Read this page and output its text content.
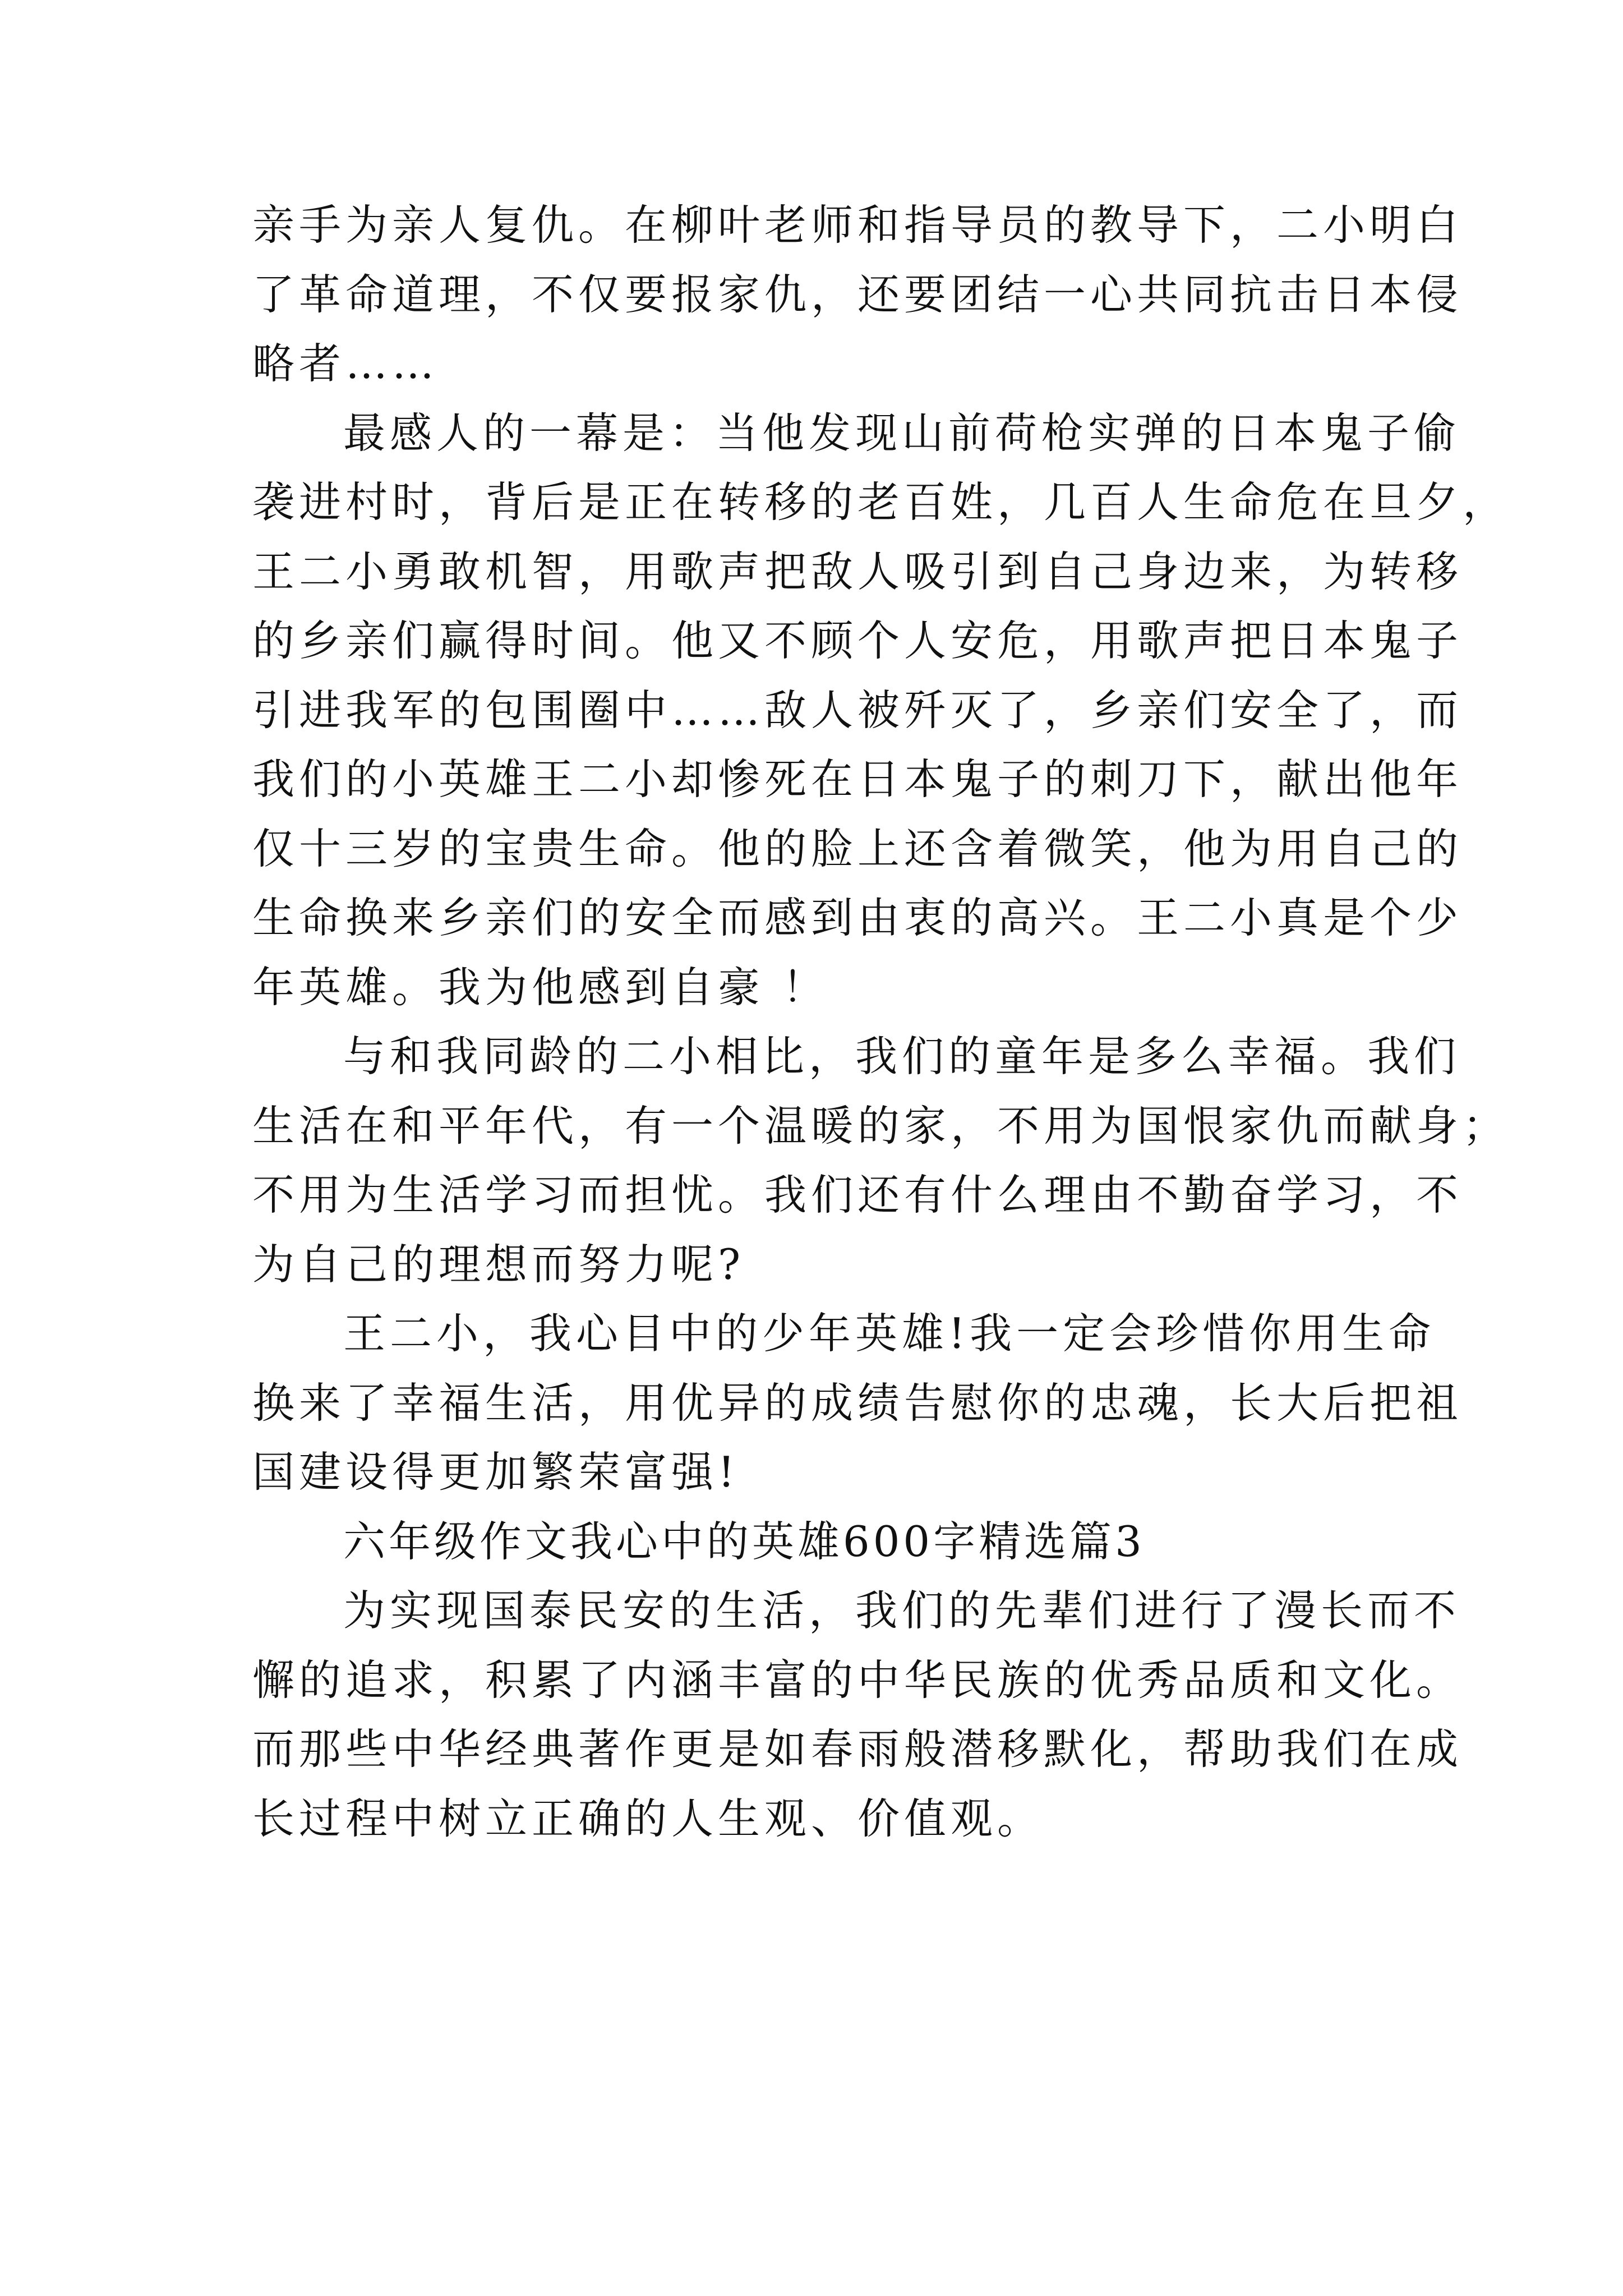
亲手为亲人复仇。在柳叶老师和指导员的教导下，二小明白
了革命道理，不仅要报家仇，还要团结一心共同抗击日本侵
略者……
最感人的一幕是：当他发现山前荷枪实弹的日本鬼子偷
袭进村时，背后是正在转移的老百姓，几百人生命危在旦夕，
王二小勇敢机智，用歌声把敌人吸引到自己身边来，为转移
的乡亲们赢得时间。他又不顾个人安危，用歌声把日本鬼子
引进我军的包围圈中……敌人被歼灭了，乡亲们安全了，而
我们的小英雄王二小却惨死在日本鬼子的刺刀下，献出他年
仅十三岁的宝贵生命。他的脸上还含着微笑，他为用自己的
生命换来乡亲们的安全而感到由衷的高兴。王二小真是个少
年英雄。我为他感到自豪 ！
与和我同龄的二小相比，我们的童年是多么幸福。我们
生活在和平年代，有一个温暖的家，不用为国恨家仇而献身；
不用为生活学习而担忧。我们还有什么理由不勤奋学习，不
为自己的理想而努力呢?
王二小，我心目中的少年英雄!我一定会珍惜你用生命
换来了幸福生活，用优异的成绩告慰你的忠魂，长大后把祖
国建设得更加繁荣富强!
六年级作文我心中的英雄600字精选篇3
为实现国泰民安的生活，我们的先辈们进行了漫长而不
懈的追求，积累了内涵丰富的中华民族的优秀品质和文化。
而那些中华经典著作更是如春雨般潜移默化，帮助我们在成
长过程中树立正确的人生观、价值观。
